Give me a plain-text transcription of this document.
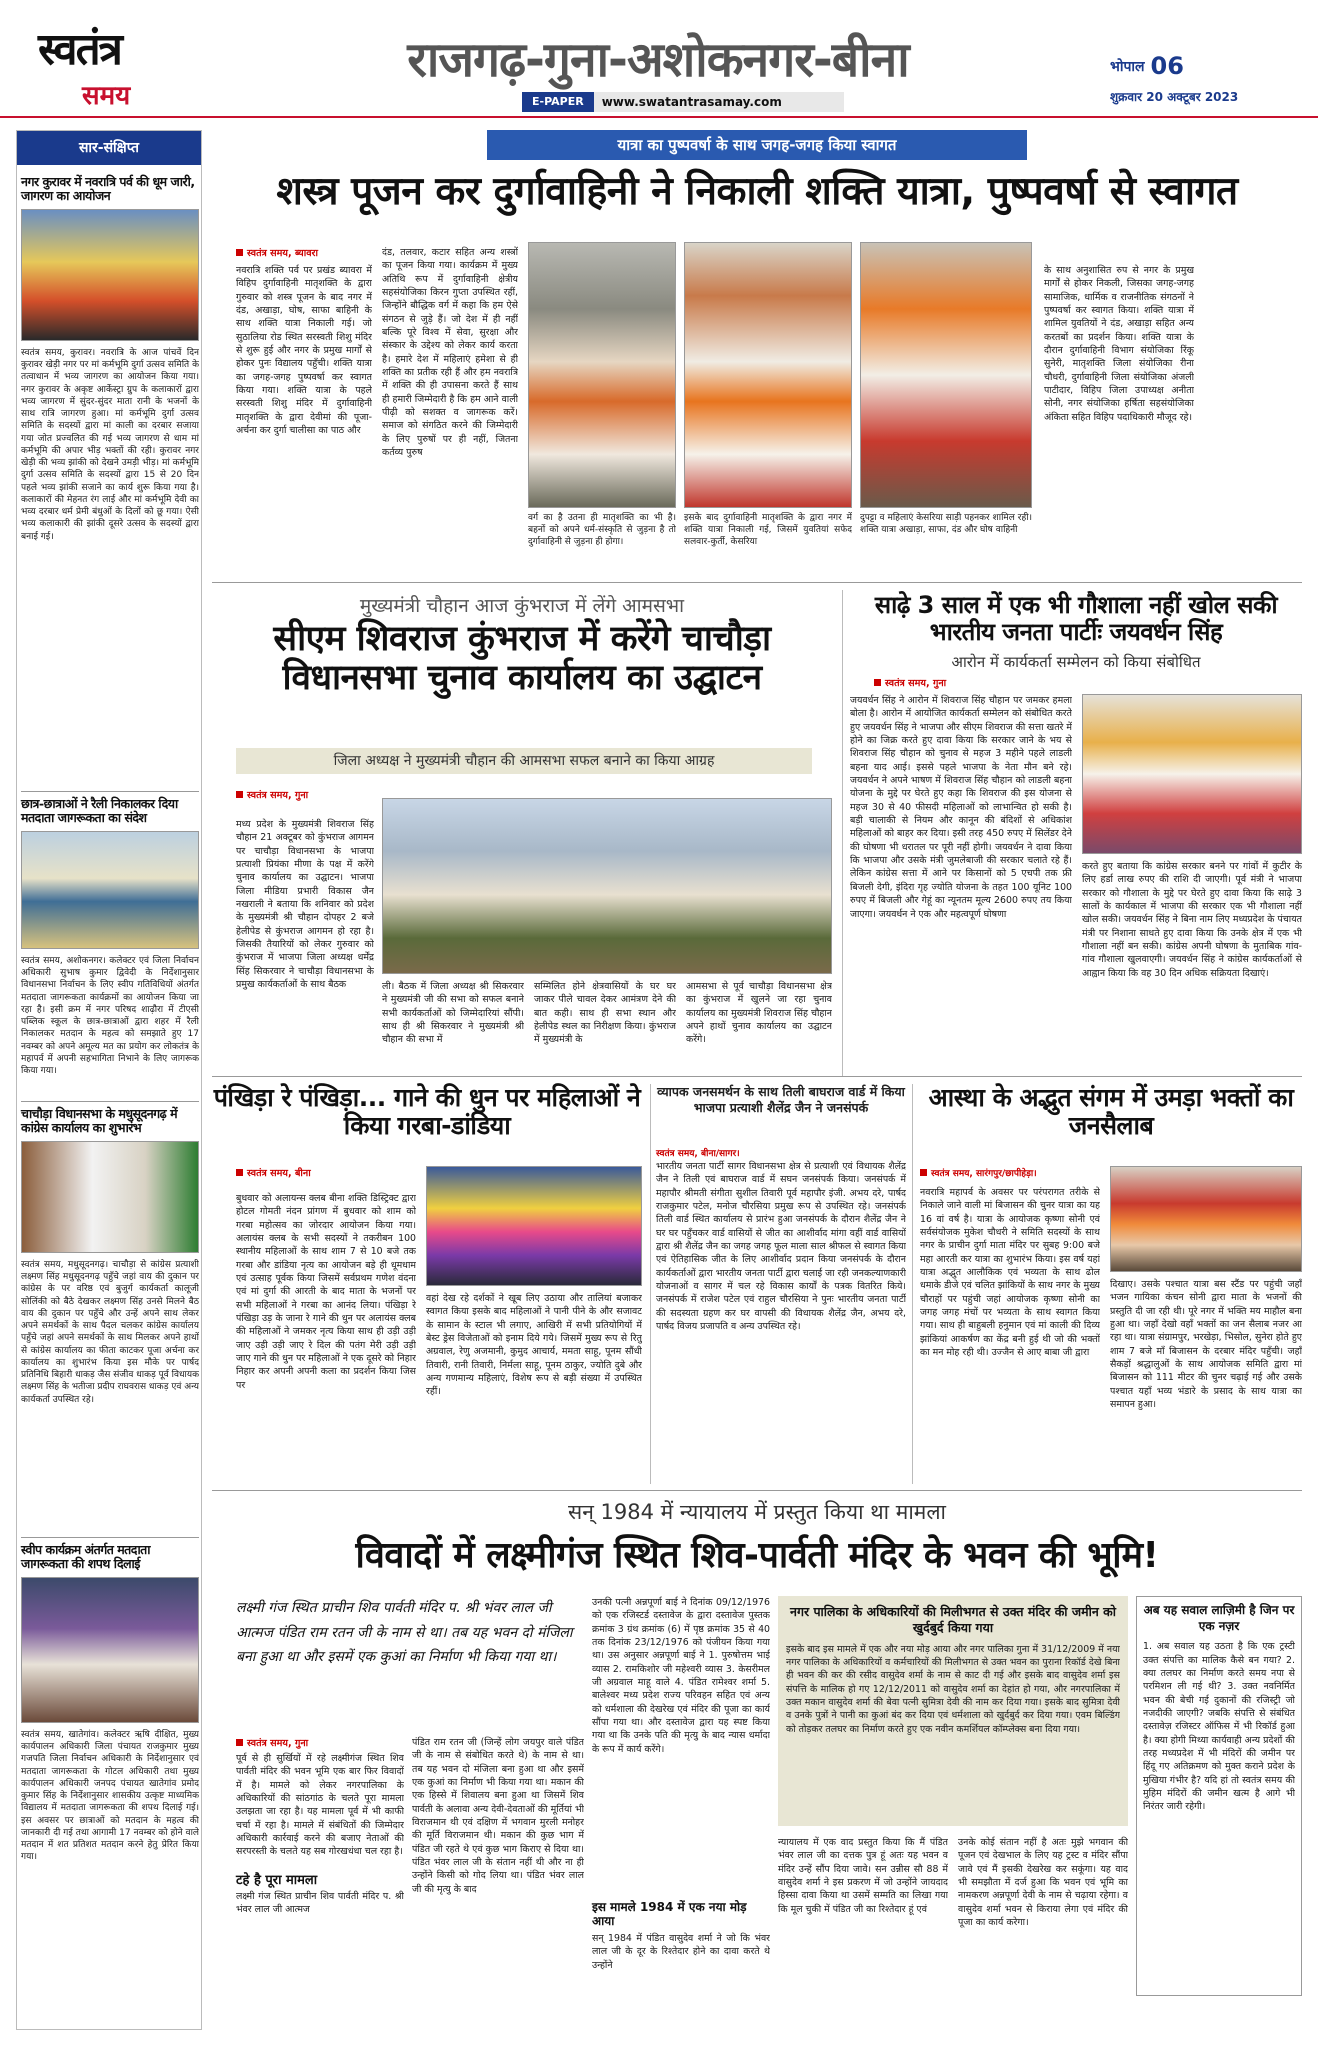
स्वतंत्र
समय
राजगढ़-गुना-अशोकनगर-बीना
E-PAPER	www.swatantrasamay.com
भोपाल 06
शुक्रवार 20 अक्टूबर 2023
सार-संक्षिप्त
नगर कुरावर में नवरात्रि पर्व की धूम जारी, जागरण का आयोजन
स्वतंत्र समय, कुरावर। नवरात्रि के आज पांचवें दिन कुरावर खेड़ी नगर पर मां कर्मभूमि दुर्गा उत्सव समिति के तत्वाधान में भव्य जागरण का आयोजन किया गया। नगर कुरावर के अकृष्ट आर्केस्ट्रा ग्रुप के कलाकारों द्वारा भव्य जागरण में सुंदर-सुंदर माता रानी के भजनों के साथ रात्रि जागरण हुआ। मां कर्मभूमि दुर्गा उत्सव समिति के सदस्यों द्वारा मां काली का दरबार सजाया गया जोत प्रज्वलित की गई भव्य जागरण से धाम मां कर्मभूमि की अपार भीड़ भक्तों की रही। कुरावर नगर खेड़ी की भव्य झांकी को देखने उमड़ी भीड़। मां कर्मभूमि दुर्गा उत्सव समिति के सदस्यों द्वारा 15 से 20 दिन पहले भव्य झांकी सजाने का कार्य शुरू किया गया है। कलाकारों की मेहनत रंग लाई और मां कर्मभूमि देवी का भव्य दरबार धर्म प्रेमी बंधुओं के दिलों को छू गया। ऐसी भव्य कलाकारी की झांकी दूसरे उत्सव के सदस्यों द्वारा बनाई गई।
छात्र-छात्राओं ने रैली निकालकर दिया मतदाता जागरूकता का संदेश
स्वतंत्र समय, अशोकनगर। कलेक्टर एवं जिला निर्वाचन अधिकारी सुभाष कुमार द्विवेदी के निर्देशानुसार विधानसभा निर्वाचन के लिए स्वीप गतिविधियों अंतर्गत मतदाता जागरूकता कार्यक्रमों का आयोजन किया जा रहा है। इसी क्रम में नगर परिषद शाढ़ौरा में टीएसी पब्लिक स्कूल के छात्र-छात्राओं द्वारा शहर में रैली निकालकर मतदान के महत्व को समझाते हुए 17 नवम्बर को अपने अमूल्य मत का प्रयोग कर लोकतंत्र के महापर्व में अपनी सहभागिता निभाने के लिए जागरूक किया गया।
चाचौड़ा विधानसभा के मधुसूदनगढ़ में कांग्रेस कार्यालय का शुभारंभ
स्वतंत्र समय, मधुसूदनगढ़। चाचौड़ा से कांग्रेस प्रत्याशी लक्ष्मण सिंह मधुसूदनगढ़ पहुँचे जहां वाय की दुकान पर कांग्रेस के पर वरिष्ठ एवं बुजुर्ग कार्यकर्ता कालूजी सोलिंकी को बैठे देखकर लक्ष्मण सिंह उनसे मिलने बैठ वाय की दुकान पर पहुँचे और उन्हें अपने साथ लेकर अपने समर्थकों के साथ पैदल चलकर कांग्रेस कार्यालय पहुँचे जहां अपने समर्थकों के साथ मिलकर अपने हाथों से कांग्रेस कार्यालय का फीता काटकर पूजा अर्चना कर कार्यालय का शुभारंभ किया इस मौके पर पार्षद प्रतिनिधि बिहारी धाकड़ जैस संजीव धाकड़ पूर्व विधायक लक्ष्मण सिंह के भतीजा प्रदीप राघवरास धाकड़ एवं अन्य कार्यकर्ता उपस्थित रहे।
स्वीप कार्यक्रम अंतर्गत मतदाता जागरूकता की शपथ दिलाई
स्वतंत्र समय, खातेगांव। कलेक्टर ऋषि दीक्षित, मुख्य कार्यपालन अधिकारी जिला पंचायत राजकुमार मुख्य गजपति जिला निर्वाचन अधिकारी के निर्देशानुसार एवं मतदाता जागरूकता के गोटल अधिकारी तथा मुख्य कार्यपालन अधिकारी जनपद पंचायत खातेगांव प्रमोद कुमार सिंह के निर्देशानुसार शासकीय उत्कृष्ट माध्यमिक विद्यालय में मतदाता जागरूकता की शपथ दिलाई गई। इस अवसर पर छात्राओं को मतदान के महत्व की जानकारी दी गई तथा आगामी 17 नवम्बर को होने वाले मतदान में शत प्रतिशत मतदान करने हेतु प्रेरित किया गया।
यात्रा का पुष्पवर्षा के साथ जगह-जगह किया स्वागत
शस्त्र पूजन कर दुर्गावाहिनी ने निकाली शक्ति यात्रा, पुष्पवर्षा से स्वागत
स्वतंत्र समय, ब्यावरा
नवरात्रि शक्ति पर्व पर प्रखंड ब्यावरा में विहिप दुर्गावाहिनी मातृशक्ति के द्वारा गुरुवार को शस्त्र पूजन के बाद नगर में दंड, अखाड़ा, घोष, साफा बाहिनी के साथ शक्ति यात्रा निकाली गई। जो सुठालिया रोड स्थित सरस्वती शिशु मंदिर से शुरू हुई और नगर के प्रमुख मार्गों से होकर पुनः विद्यालय पहुँची। शक्ति यात्रा का जगह-जगह पुष्पवर्षा कर स्वागत किया गया। शक्ति यात्रा के पहले सरस्वती शिशु मंदिर में दुर्गावाहिनी मातृशक्ति के द्वारा देवीमां की पूजा-अर्चना कर दुर्गा चालीसा का पाठ और
दंड, तलवार, कटार सहित अन्य शस्त्रों का पूजन किया गया। कार्यक्रम में मुख्य अतिथि रूप में दुर्गावाहिनी क्षेत्रीय सहसंयोजिका किरन गुप्ता उपस्थित रहीं, जिन्होंने बौद्धिक वर्ग में कहा कि हम ऐसे संगठन से जुड़े हैं। जो देश में ही नहीं बल्कि पूरे विश्व में सेवा, सुरक्षा और संस्कार के उद्देश्य को लेकर कार्य करता है। हमारे देश में महिलाएं हमेशा से ही शक्ति का प्रतीक रही हैं और हम नवरात्रि में शक्ति की ही उपासना करते हैं साथ ही हमारी जिम्मेदारी है कि हम आने वाली पीढ़ी को सशक्त व जागरूक करें। समाज को संगठित करने की जिम्मेदारी के लिए पुरुषों पर ही नहीं, जितना कर्तव्य पुरुष
वर्ग का है उतना ही मातृशक्ति का भी है। बहनों को अपने धर्म-संस्कृति से जुड़ना है तो दुर्गावाहिनी से जुड़ना ही होगा।
इसके बाद दुर्गावाहिनी मातृशक्ति के द्वारा नगर में शक्ति यात्रा निकाली गई, जिसमें युवतियां सफेद सलवार-कुर्ती, केसरिया
दुपट्टा व महिलाएं केसरिया साड़ी पहनकर शामिल रही। शक्ति यात्रा अखाड़ा, साफा, दंड और घोष वाहिनी
के साथ अनुशासित रुप से नगर के प्रमुख मार्गों से होकर निकली, जिसका जगह-जगह सामाजिक, धार्मिक व राजनीतिक संगठनों ने पुष्पवर्षा कर स्वागत किया। शक्ति यात्रा में शामिल युवतियों ने दंड, अखाड़ा सहित अन्य करतबों का प्रदर्शन किया। शक्ति यात्रा के दौरान दुर्गावाहिनी विभाग संयोजिका रिंकू सुनेरी, मातृशक्ति जिला संयोजिका रीना चौधरी, दुर्गावाहिनी जिला संयोजिका अंजली पाटीदार, विहिप जिला उपाध्यक्ष अनीता सोनी, नगर संयोजिका हर्षिता सहसंयोजिका अंकिता सहित विहिप पदाधिकारी मौजूद रहे।
मुख्यमंत्री चौहान आज कुंभराज में लेंगे आमसभा
सीएम शिवराज कुंभराज में करेंगे चाचौड़ा विधानसभा चुनाव कार्यालय का उद्घाटन
जिला अध्यक्ष ने मुख्यमंत्री चौहान की आमसभा सफल बनाने का किया आग्रह
स्वतंत्र समय, गुना
मध्य प्रदेश के मुख्यमंत्री शिवराज सिंह चौहान 21 अक्टूबर को कुंभराज आगमन पर चाचौड़ा विधानसभा के भाजपा प्रत्याशी प्रियंका मीणा के पक्ष में करेंगे चुनाव कार्यालय का उद्घाटन। भाजपा जिला मीडिया प्रभारी विकास जैन नखराली ने बताया कि शनिवार को प्रदेश के मुख्यमंत्री श्री चौहान दोपहर 2 बजे हेलीपेड से कुंभराज आगमन हो रहा है। जिसकी तैयारियों को लेकर गुरुवार को कुंभराज में भाजपा जिला अध्यक्ष धर्मेंद्र सिंह सिकरवार ने चाचौड़ा विधानसभा के प्रमुख कार्यकर्ताओं के साथ बैठक	ली। बैठक में जिला अध्यक्ष श्री सिकरवार ने मुख्यमंत्री जी की सभा को सफल बनाने सभी कार्यकर्ताओं को जिम्मेदारियां सौंपी। साथ ही श्री सिकरवार ने मुख्यमंत्री श्री चौहान की सभा में
सम्मिलित होने क्षेत्रवासियों के घर घर जाकर पीले चावल देकर आमंत्रण देने की बात कही। साथ ही सभा स्थान और हेलीपेड स्थल का निरीक्षण किया। कुंभराज में मुख्यमंत्री के
आमसभा से पूर्व चाचौड़ा विधानसभा क्षेत्र का कुंभराज में खुलने जा रहा चुनाव कार्यालय का मुख्यमंत्री शिवराज सिंह चौहान अपने हाथों चुनाव कार्यालय का उद्घाटन करेंगे।
साढ़े 3 साल में एक भी गौशाला नहीं खोल सकी भारतीय जनता पार्टीः जयवर्धन सिंह
आरोन में कार्यकर्ता सम्मेलन को किया संबोधित
स्वतंत्र समय, गुना
जयवर्धन सिंह ने आरोन में शिवराज सिंह चौहान पर जमकर हमला बोला है। आरोन में आयोजित कार्यकर्ता सम्मेलन को संबोधित करते हुए जयवर्धन सिंह ने भाजपा और सीएम शिवराज की सत्ता खतरे में होने का जिक्र करते हुए दावा किया कि सरकार जाने के भय से शिवराज सिंह चौहान को चुनाव से महज 3 महीने पहले लाडली बहना याद आई। इससे पहले भाजपा के नेता मौन बने रहे। जयवर्धन ने अपने भाषण में शिवराज सिंह चौहान को लाडली बहना योजना के मुद्दे पर घेरते हुए कहा कि शिवराज की इस योजना से महज 30 से 40 फीसदी महिलाओं को लाभान्वित हो सकी है। बड़ी चालाकी से नियम और कानून की बंदिशों से अधिकांश महिलाओं को बाहर कर दिया। इसी तरह 450 रुपए में सिलेंडर देने की घोषणा भी धरातल पर पूरी नहीं होगी। जयवर्धन ने दावा किया कि भाजपा और उसके मंत्री जुमलेबाजी की सरकार चलाते रहे हैं। लेकिन कांग्रेस सत्ता में आने पर किसानों को 5 एचपी तक फ्री बिजली देगी, इंदिरा गृह ज्योति योजना के तहत 100 यूनिट 100 रुपए में बिजली और गेहूं का न्यूनतम मूल्य 2600 रुपए तय किया जाएगा। जयवर्धन ने एक और महत्वपूर्ण घोषणा
करते हुए बताया कि कांग्रेस सरकार बनने पर गांवों में कुटीर के लिए हर्डा लाख रुपए की राशि दी जाएगी। पूर्व मंत्री ने भाजपा सरकार को गौशाला के मुद्दे पर घेरते हुए दावा किया कि साढ़े 3 सालों के कार्यकाल में भाजपा की सरकार एक भी गौशाला नहीं खोल सकी। जयवर्धन सिंह ने बिना नाम लिए मध्यप्रदेश के पंचायत मंत्री पर निशाना साधते हुए दावा किया कि उनके क्षेत्र में एक भी गौशाला नहीं बन सकी। कांग्रेस अपनी घोषणा के मुताबिक गांव-गांव गौशाला खुलवाएगी। जयवर्धन सिंह ने कांग्रेस कार्यकर्ताओं से आह्वान किया कि वह 30 दिन अधिक सक्रियता दिखाएं।
पंखिड़ा रे पंखिड़ा... गाने की धुन पर महिलाओं ने किया गरबा-डांडिया
स्वतंत्र समय, बीना
बुधवार को अलायन्स क्लब बीना शक्ति डिस्ट्रिक्ट द्वारा होटल गोमती नंदन प्रांगण में बुधवार को शाम को गरबा महोत्सव का जोरदार आयोजन किया गया। अलायंस क्लब के सभी सदस्यों ने तकरीबन 100 स्थानीय महिलाओं के साथ शाम 7 से 10 बजे तक गरबा और डांडिया नृत्य का आयोजन बड़े ही धूमधाम एवं उत्साह पूर्वक किया जिसमें सर्वप्रथम गणेश वंदना एवं मां दुर्गा की आरती के बाद माता के भजनों पर सभी महिलाओं ने गरबा का आनंद लिया। पंखिड़ा रे पंखिड़ा उड़ के जाना रे गाने की धुन पर अलायंस क्लब की महिलाओं ने जमकर नृत्य किया साथ ही उड़ी उड़ी जाए उड़ी उड़ी जाए रे दिल की पतंग मेरी उड़ी उड़ी जाए गाने की धुन पर महिलाओं ने एक दूसरे को निहार निहार कर अपनी अपनी कला का प्रदर्शन किया जिस पर
वहां देख रहे दर्शकों ने खूब लिए उठाया और तालियां बजाकर स्वागत किया इसके बाद महिलाओं ने पानी पीने के और सजावट के सामान के स्टाल भी लगाए, आखिरी में सभी प्रतियोगियों में बेस्ट ड्रेस विजेताओं को इनाम दिये गये। जिसमें मुख्य रूप से रितु अग्रवाल, रेणु अजमानी, कुमुद आचार्य, ममता साहू, पूनम सौंधी तिवारी, रानी तिवारी, निर्मला साहू, पूनम ठाकुर, ज्योति दुबे और अन्य गणमान्य महिलाएं, विशेष रूप से बड़ी संख्या में उपस्थित रहीं।
व्यापक जनसमर्थन के साथ तिली बाघराज वार्ड में किया भाजपा प्रत्याशी शैलेंद्र जैन ने जनसंपर्क
स्वतंत्र समय, बीना/सागर।
भारतीय जनता पार्टी सागर विधानसभा क्षेत्र से प्रत्याशी एवं विधायक शैलेंद्र जैन ने तिली एवं बाघराज वार्ड में सघन जनसंपर्क किया। जनसंपर्क में महापौर श्रीमती संगीता सुशील तिवारी पूर्व महापौर इंजी. अभय दरे, पार्षद राजकुमार पटेल, मनोज चौरसिया प्रमुख रूप से उपस्थित रहे। जनसंपर्क तिली वार्ड स्थित कार्यालय से प्रारंभ हुआ जनसंपर्क के दौरान शैलेंद्र जैन ने घर घर पहुँचकर वार्ड वासियों से जीत का आशीर्वाद मांगा वहीं वार्ड वासियों द्वारा श्री शैलेंद्र जैन का जगह जगह फूल माला साल श्रीफल से स्वागत किया एवं ऐतिहासिक जीत के लिए आशीर्वाद प्रदान किया जनसंपर्क के दौरान कार्यकर्ताओं द्वारा भारतीय जनता पार्टी द्वारा चलाई जा रही जनकल्याणकारी योजनाओं व सागर में चल रहे विकास कार्यों के पत्रक वितरित किये। जनसंपर्क में राजेश पटेल एवं राहुल चौरसिया ने पुनः भारतीय जनता पार्टी की सदस्यता ग्रहण कर घर वापसी की विधायक शैलेंद्र जैन, अभय दरे, पार्षद विजय प्रजापति व अन्य उपस्थित रहे।
आस्था के अद्भुत संगम में उमड़ा भक्तों का जनसैलाब
स्वतंत्र समय, सारंगपुर/छापीहेड़ा।
नवरात्रि महापर्व के अवसर पर परंपरागत तरीके से निकाले जाने वाली मां बिजासन की चुनर यात्रा का यह 16 वां वर्ष है। यात्रा के आयोजक कृष्णा सोनी एवं सर्वसंयोजक मुकेश चौधरी ने समिति सदस्यों के साथ नगर के प्राचीन दुर्गा माता मंदिर पर सुबह 9:00 बजे महा आरती कर यात्रा का शुभारंभ किया। इस वर्ष यहां यात्रा अद्भुत आलौकिक एवं भव्यता के साथ ढोल धमाके डीजे एवं चलित झांकियों के साथ नगर के मुख्य चौराहों पर पहुंची जहां आयोजक कृष्णा सोनी का जगह जगह मंचों पर भव्यता के साथ स्वागत किया गया। साथ ही बाहुबली हनुमान एवं मां काली की दिव्य झांकियां आकर्षण का केंद्र बनी हुई थी जो की भक्तों का मन मोह रही थी। उज्जैन से आए बाबा जी द्वारा
दिखाए। उसके पश्चात यात्रा बस स्टैंड पर पहुंची जहाँ भजन गायिका कंचन सोनी द्वारा माता के भजनों की प्रस्तुति दी जा रही थी। पूरे नगर में भक्ति मय माहौल बना हुआ था। जहाँ देखो वहाँ भक्तों का जन सैलाब नजर आ रहा था। यात्रा संग्रामपुर, भरखेड़ा, भिसोल, सुनेरा होते हुए शाम 7 बजे माँ बिजासन के दरबार मंदिर पहुँची। जहाँ सैकड़ों श्रद्धालुओं के साथ आयोजक समिति द्वारा मां बिजासन को 111 मीटर की चुनर चढ़ाई गई और उसके पश्चात यहाँ भव्य भंडारे के प्रसाद के साथ यात्रा का समापन हुआ।
सन् 1984 में न्यायालय में प्रस्तुत किया था मामला
विवादों में लक्ष्मीगंज स्थित शिव-पार्वती मंदिर के भवन की भूमि!
लक्ष्मी गंज स्थित प्राचीन शिव पार्वती मंदिर प. श्री भंवर लाल जी आत्मज पंडित राम रतन जी के नाम से था। तब यह भवन दो मंजिला बना हुआ था और इसमें एक कुआं का निर्माण भी किया गया था।
स्वतंत्र समय, गुना
पूर्व से ही सुर्खियों में रहे लक्ष्मीगंज स्थित शिव पार्वती मंदिर की भवन भूमि एक बार फिर विवादों में है। मामले को लेकर नगरपालिका के अधिकारियों की सांठगांठ के चलते पूरा मामला उलझता जा रहा है। यह मामला पूर्व में भी काफी चर्चा में रहा है। मामले में संबंधितों की जिम्मेदार अधिकारी कार्रवाई करने की बजाए नेताओं की सरपरस्ती के चलते यह सब गोरखधंधा चल रहा है।
टहे है पूरा मामला
लक्ष्मी गंज स्थित प्राचीन शिव पार्वती मंदिर प. श्री भंवर लाल जी आत्मज
पंडित राम रतन जी (जिन्हें लोग जयपुर वाले पंडित जी के नाम से संबोधित करते थे) के नाम से था। तब यह भवन दो मंजिला बना हुआ था और इसमें एक कुआं का निर्माण भी किया गया था। मकान की एक हिस्से में शिवालय बना हुआ था जिसमें शिव पार्वती के अलावा अन्य देवी-देवताओं की मूर्तियां भी विराजमान थी एवं दक्षिण में भगवान मुरली मनोहर की मूर्ति विराजमान थी। मकान की कुछ भाग में पंडित जी रहते थे एवं कुछ भाग किराए से दिया था। पंडित भंवर लाल जी के संतान नहीं थी और ना ही उन्होंने किसी को गोद लिया था। पंडित भंवर लाल जी की मृत्यु के बाद
उनकी पत्नी अन्नपूर्णा बाई ने दिनांक 09/12/1976 को एक रजिस्टर्ड दस्तावेज के द्वारा दस्तावेज पुस्तक क्रमांक 3 ग्रंथ क्रमांक (6) में पृष्ठ क्रमांक 35 से 40 तक दिनांक 23/12/1976 को पंजीयन किया गया था। उस अनुसार अन्नपूर्णा बाई ने 1. पुरुषोत्तम भाई व्यास 2. रामकिशोर जी महेश्वरी व्यास 3. केसरीमल जी अग्रवाल माहू वाले 4. पंडित रामेश्वर शर्मा 5. बालेश्वर मध्य प्रदेश राज्य परिवहन सहित एवं अन्य को धर्मशाला की देखरेख एवं मंदिर की पूजा का कार्य सौंपा गया था। और दस्तावेज द्वारा यह स्पष्ट किया गया था कि उनके पति की मृत्यु के बाद न्यास धर्मादा के रूप में कार्य करेंगे।
इस मामले 1984 में एक नया मोड़ आया
सन् 1984 में पंडित वासुदेव शर्मा ने जो कि भंवर लाल जी के दूर के रिश्तेदार होने का दावा करते थे उन्होंने
नगर पालिका के अधिकारियों की मिलीभगत से उक्त मंदिर की जमीन को खुर्दबुर्द किया गया
इसके बाद इस मामले में एक और नया मोड़ आया और नगर पालिका गुना में 31/12/2009 में नया नगर पालिका के अधिकारियों व कर्मचारियों की मिलीभगत से उक्त भवन का पुराना रिकॉर्ड देखे बिना ही भवन की कर की रसीद वासुदेव शर्मा के नाम से काट दी गई और इसके बाद वासुदेव शर्मा इस संपत्ति के मालिक हो गए 12/12/2011 को वासुदेव शर्मा का देहांत हो गया, और नगरपालिका में उक्त मकान वासुदेव शर्मा की बेवा पत्नी सुमित्रा देवी की नाम कर दिया गया। इसके बाद सुमित्रा देवी व उनके पुत्रों ने पानी का कुआं बंद कर दिया एवं धर्मशाला को खुर्दबुर्द कर दिया गया। एवम बिल्डिंग को तोड़कर तलघर का निर्माण करते हुए एक नवीन कमर्शियल कॉम्प्लेक्स बना दिया गया।
न्यायालय में एक वाद प्रस्तुत किया कि मैं पंडित भंवर लाल जी का दत्तक पुत्र हूं अतः यह भवन व मंदिर उन्हें सौंप दिया जावे। सन उन्नीस सौ 88 में वासुदेव शर्मा ने इस प्रकरण में जो उन्होंने जायदाद हिस्सा दावा किया था उसमें सम्मति का लिखा गया कि मूल चुकी में पंडित जी का रिश्तेदार हूं एवं
उनके कोई संतान नहीं है अतः मुझे भगवान की पूजन एवं देखभाल के लिए यह ट्रस्ट व मंदिर सौंपा जावे एवं मैं इसकी देखरेख कर सकूंगा। यह वाद भी समझौता में दर्ज हुआ कि भवन एवं भूमि का नामकरण अन्नपूर्णा देवी के नाम से चढ़ाया रहेगा। व वासुदेव शर्मा भवन से किराया लेगा एवं मंदिर की पूजा का कार्य करेगा।
अब यह सवाल लाज़िमी है जिन पर एक नज़र
1. अब सवाल यह उठता है कि एक ट्रस्टी उक्त संपत्ति का मालिक कैसे बन गया? 2. क्या तलघर का निर्माण करते समय नपा से परमिशन ली गई थी? 3. उक्त नवनिर्मित भवन की बेची गई दुकानों की रजिस्ट्री जो नजदीकी जाएगी? जबकि संपत्ति से संबंधित दस्तावेज़ रजिस्टर ऑफिस में भी रिकॉर्ड हुआ है। क्या होगी मिथ्या कार्यवाही अन्य प्रदेशों की तरह मध्यप्रदेश में भी मंदिरों की जमीन पर हिंदू गए अतिक्रमण को मुक्त कराने प्रदेश के मुखिया गंभीर है? यदि हां तो स्वतंत्र समय की मुहिम मंदिरों की जमीन खत्म है आगे भी निरंतर जारी रहेगी।
